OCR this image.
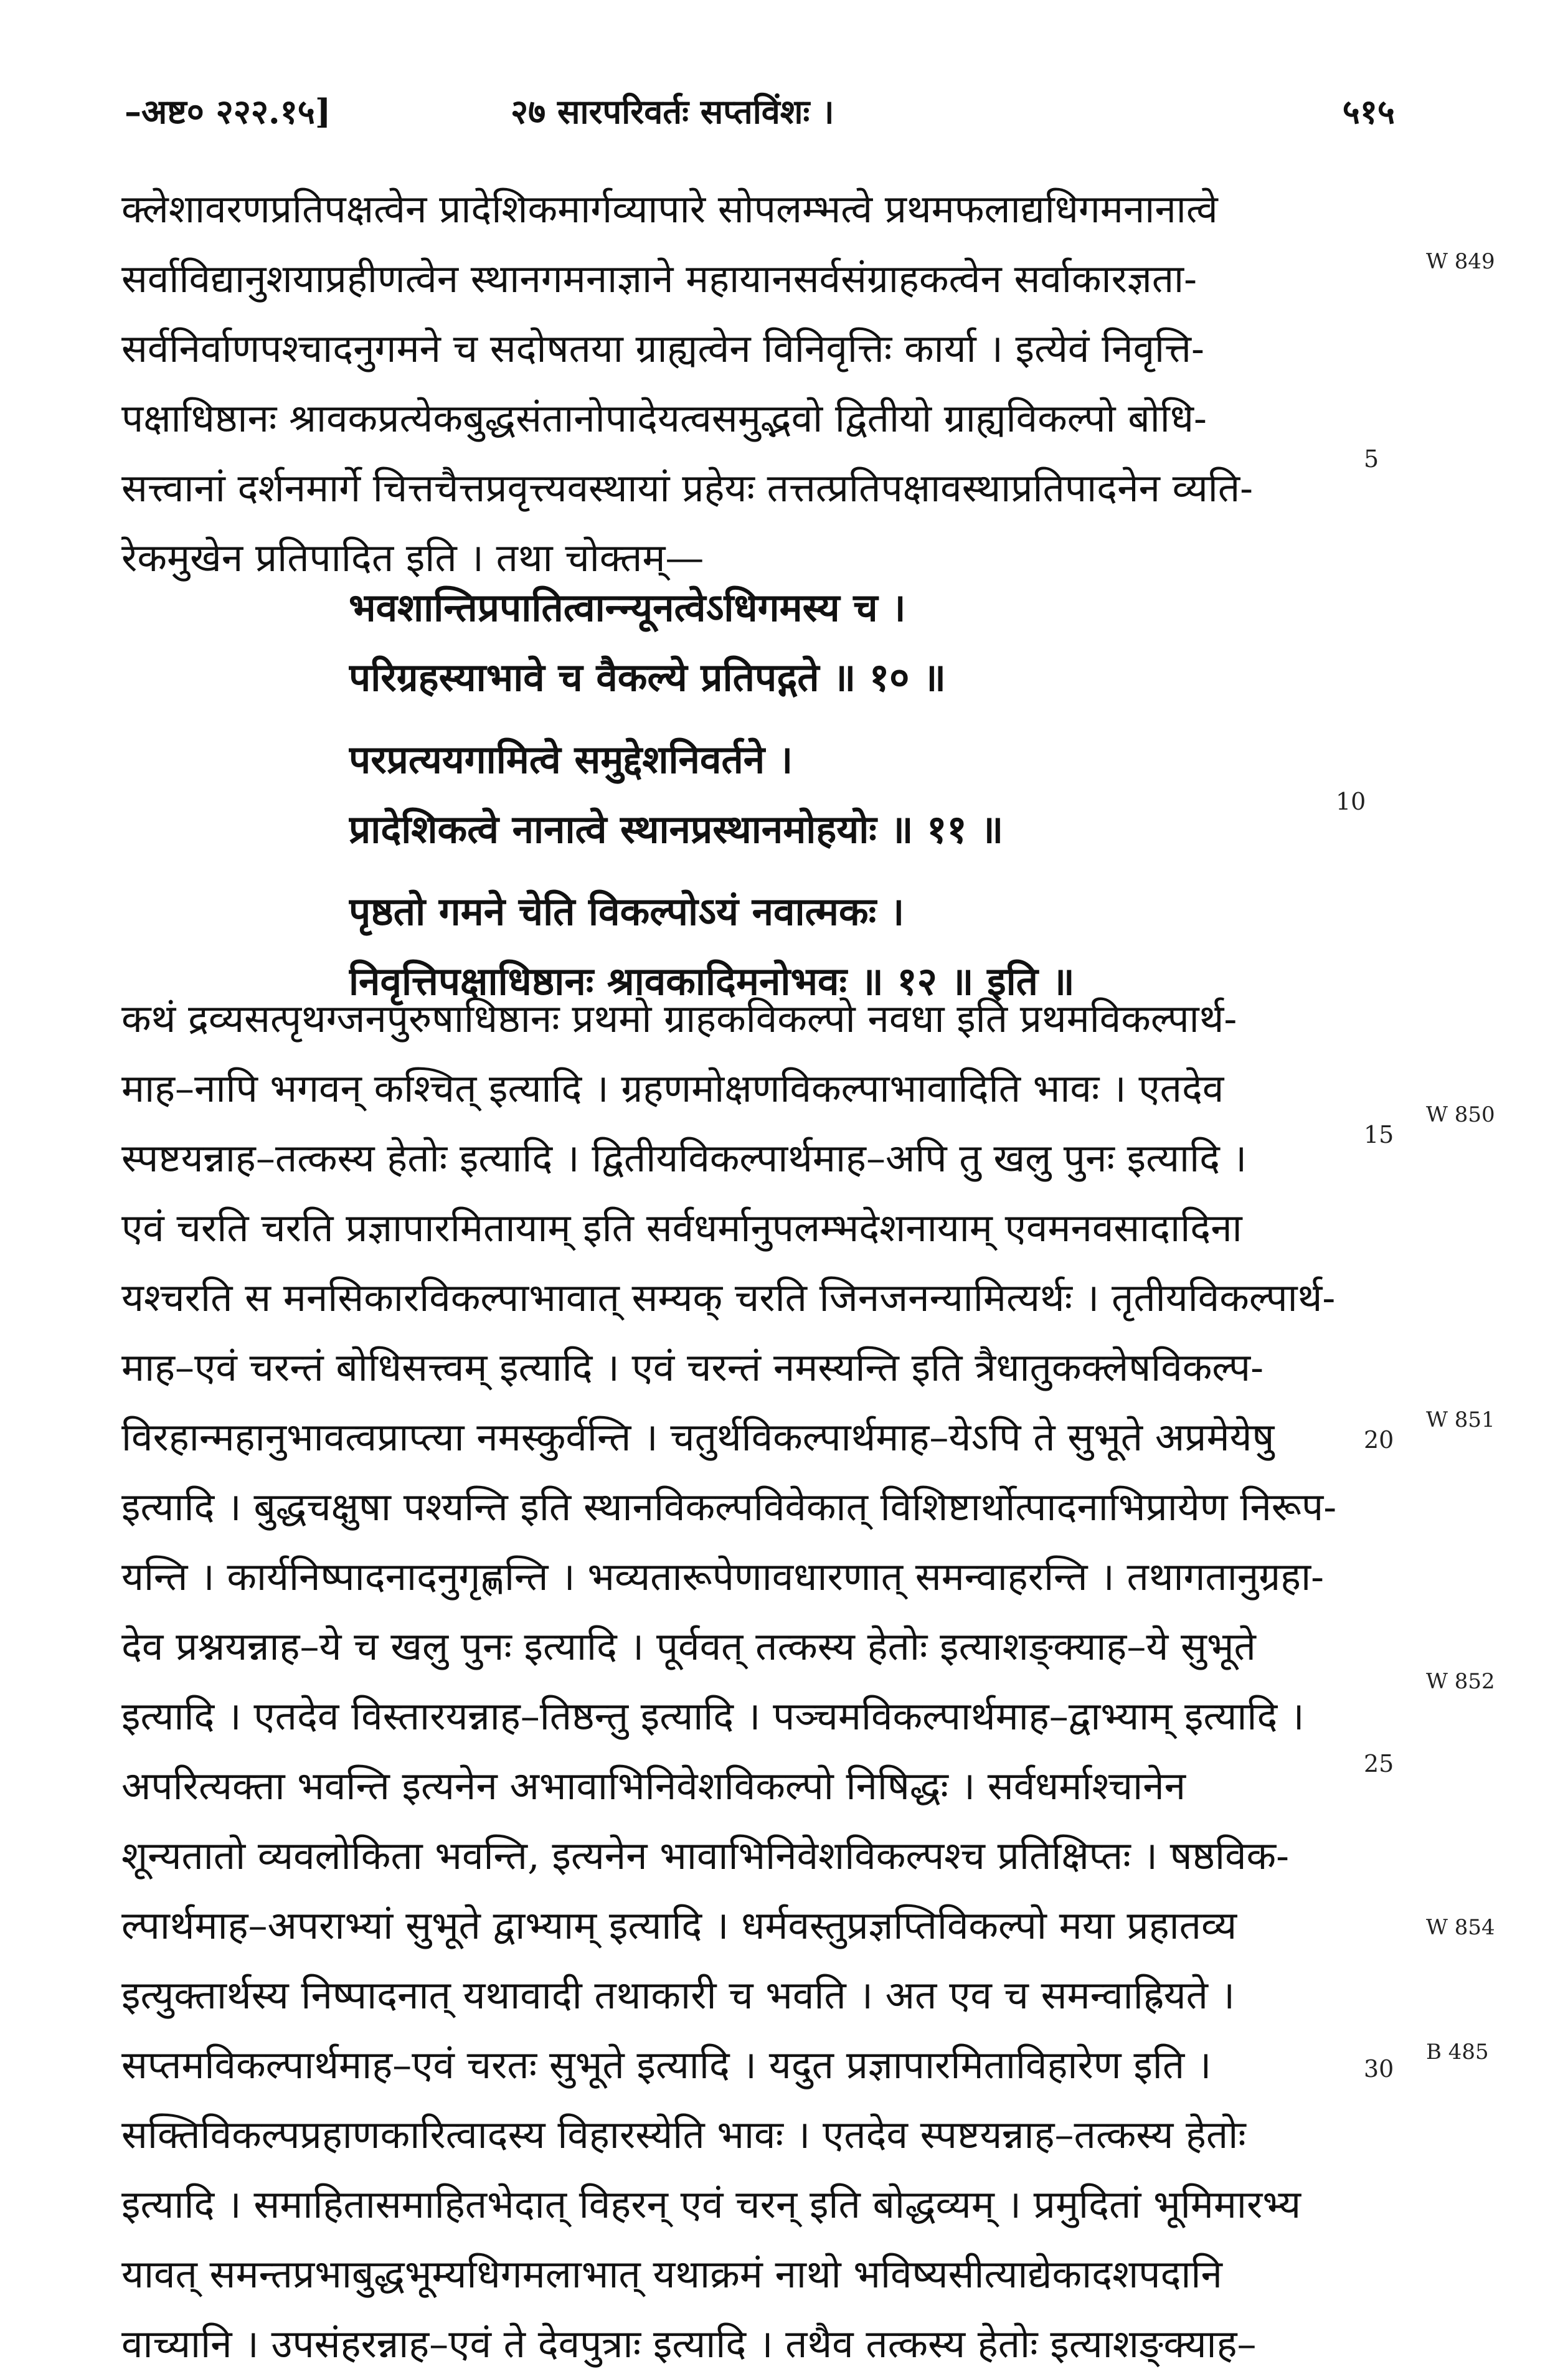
–अष्ट० २२२.१५]	२७ सारपरिवर्तः सप्तविंशः ।	५१५
क्लेशावरणप्रतिपक्षत्वेन प्रादेशिकमार्गव्यापारे सोपलम्भत्वे प्रथमफलाद्यधिगमनानात्वे
सर्वाविद्यानुशयाप्रहीणत्वेन स्थानगमनाज्ञाने महायानसर्वसंग्राहकत्वेन सर्वाकारज्ञता-
सर्वनिर्वाणपश्चादनुगमने च सदोषतया ग्राह्यत्वेन विनिवृत्तिः कार्या । इत्येवं निवृत्ति-
पक्षाधिष्ठानः श्रावकप्रत्येकबुद्धसंतानोपादेयत्वसमुद्भवो द्वितीयो ग्राह्यविकल्पो बोधि-
सत्त्वानां दर्शनमार्गे चित्तचैत्तप्रवृत्त्यवस्थायां प्रहेयः तत्तत्प्रतिपक्षावस्थाप्रतिपादनेन व्यति-
रेकमुखेन प्रतिपादित इति । तथा चोक्तम्—
भवशान्तिप्रपातित्वान्न्यूनत्वेऽधिगमस्य च ।
परिग्रहस्याभावे च वैकल्ये प्रतिपद्गते ॥ १० ॥
परप्रत्ययगामित्वे समुद्देशनिवर्तने ।
प्रादेशिकत्वे नानात्वे स्थानप्रस्थानमोहयोः ॥ ११ ॥
पृष्ठतो गमने चेति विकल्पोऽयं नवात्मकः ।
निवृत्तिपक्षाधिष्ठानः श्रावकादिमनोभवः ॥ १२ ॥ इति ॥
कथं द्रव्यसत्पृथग्जनपुरुषाधिष्ठानः प्रथमो ग्राहकविकल्पो नवधा इति प्रथमविकल्पार्थ-
माह–नापि भगवन् कश्चित् इत्यादि । ग्रहणमोक्षणविकल्पाभावादिति भावः । एतदेव
स्पष्टयन्नाह–तत्कस्य हेतोः इत्यादि । द्वितीयविकल्पार्थमाह–अपि तु खलु पुनः इत्यादि ।
एवं चरति चरति प्रज्ञापारमितायाम् इति सर्वधर्मानुपलम्भदेशनायाम् एवमनवसादादिना
यश्चरति स मनसिकारविकल्पाभावात् सम्यक् चरति जिनजनन्यामित्यर्थः । तृतीयविकल्पार्थ-
माह–एवं चरन्तं बोधिसत्त्वम् इत्यादि । एवं चरन्तं नमस्यन्ति इति त्रैधातुकक्लेषविकल्प-
विरहान्महानुभावत्वप्राप्त्या नमस्कुर्वन्ति । चतुर्थविकल्पार्थमाह–येऽपि ते सुभूते अप्रमेयेषु
इत्यादि । बुद्धचक्षुषा पश्यन्ति इति स्थानविकल्पविवेकात् विशिष्टार्थोत्पादनाभिप्रायेण निरूप-
यन्ति । कार्यनिष्पादनादनुगृह्णन्ति । भव्यतारूपेणावधारणात् समन्वाहरन्ति । तथागतानुग्रहा-
देव प्रश्नयन्नाह–ये च खलु पुनः इत्यादि । पूर्ववत् तत्कस्य हेतोः इत्याशङ्क्याह–ये सुभूते
इत्यादि । एतदेव विस्तारयन्नाह–तिष्ठन्तु इत्यादि । पञ्चमविकल्पार्थमाह–द्वाभ्याम् इत्यादि ।
अपरित्यक्ता भवन्ति इत्यनेन अभावाभिनिवेशविकल्पो निषिद्धः । सर्वधर्माश्चानेन
शून्यतातो व्यवलोकिता भवन्ति, इत्यनेन भावाभिनिवेशविकल्पश्च प्रतिक्षिप्तः । षष्ठविक-
ल्पार्थमाह–अपराभ्यां सुभूते द्वाभ्याम् इत्यादि । धर्मवस्तुप्रज्ञप्तिविकल्पो मया प्रहातव्य
इत्युक्तार्थस्य निष्पादनात् यथावादी तथाकारी च भवति । अत एव च समन्वाह्रियते ।
सप्तमविकल्पार्थमाह–एवं चरतः सुभूते इत्यादि । यदुत प्रज्ञापारमिताविहारेण इति ।
सक्तिविकल्पप्रहाणकारित्वादस्य विहारस्येति भावः । एतदेव स्पष्टयन्नाह–तत्कस्य हेतोः
इत्यादि । समाहितासमाहितभेदात् विहरन् एवं चरन् इति बोद्धव्यम् । प्रमुदितां भूमिमारभ्य
यावत् समन्तप्रभाबुद्धभूम्यधिगमलाभात् यथाक्रमं नाथो भविष्यसीत्याद्येकादशपदानि
वाच्यानि । उपसंहरन्नाह–एवं ते देवपुत्राः इत्यादि । तथैव तत्कस्य हेतोः इत्याशङ्क्याह–
W 849
W 850
W 851
W 852
W 854
B 485
5
10
15
20
25
30
